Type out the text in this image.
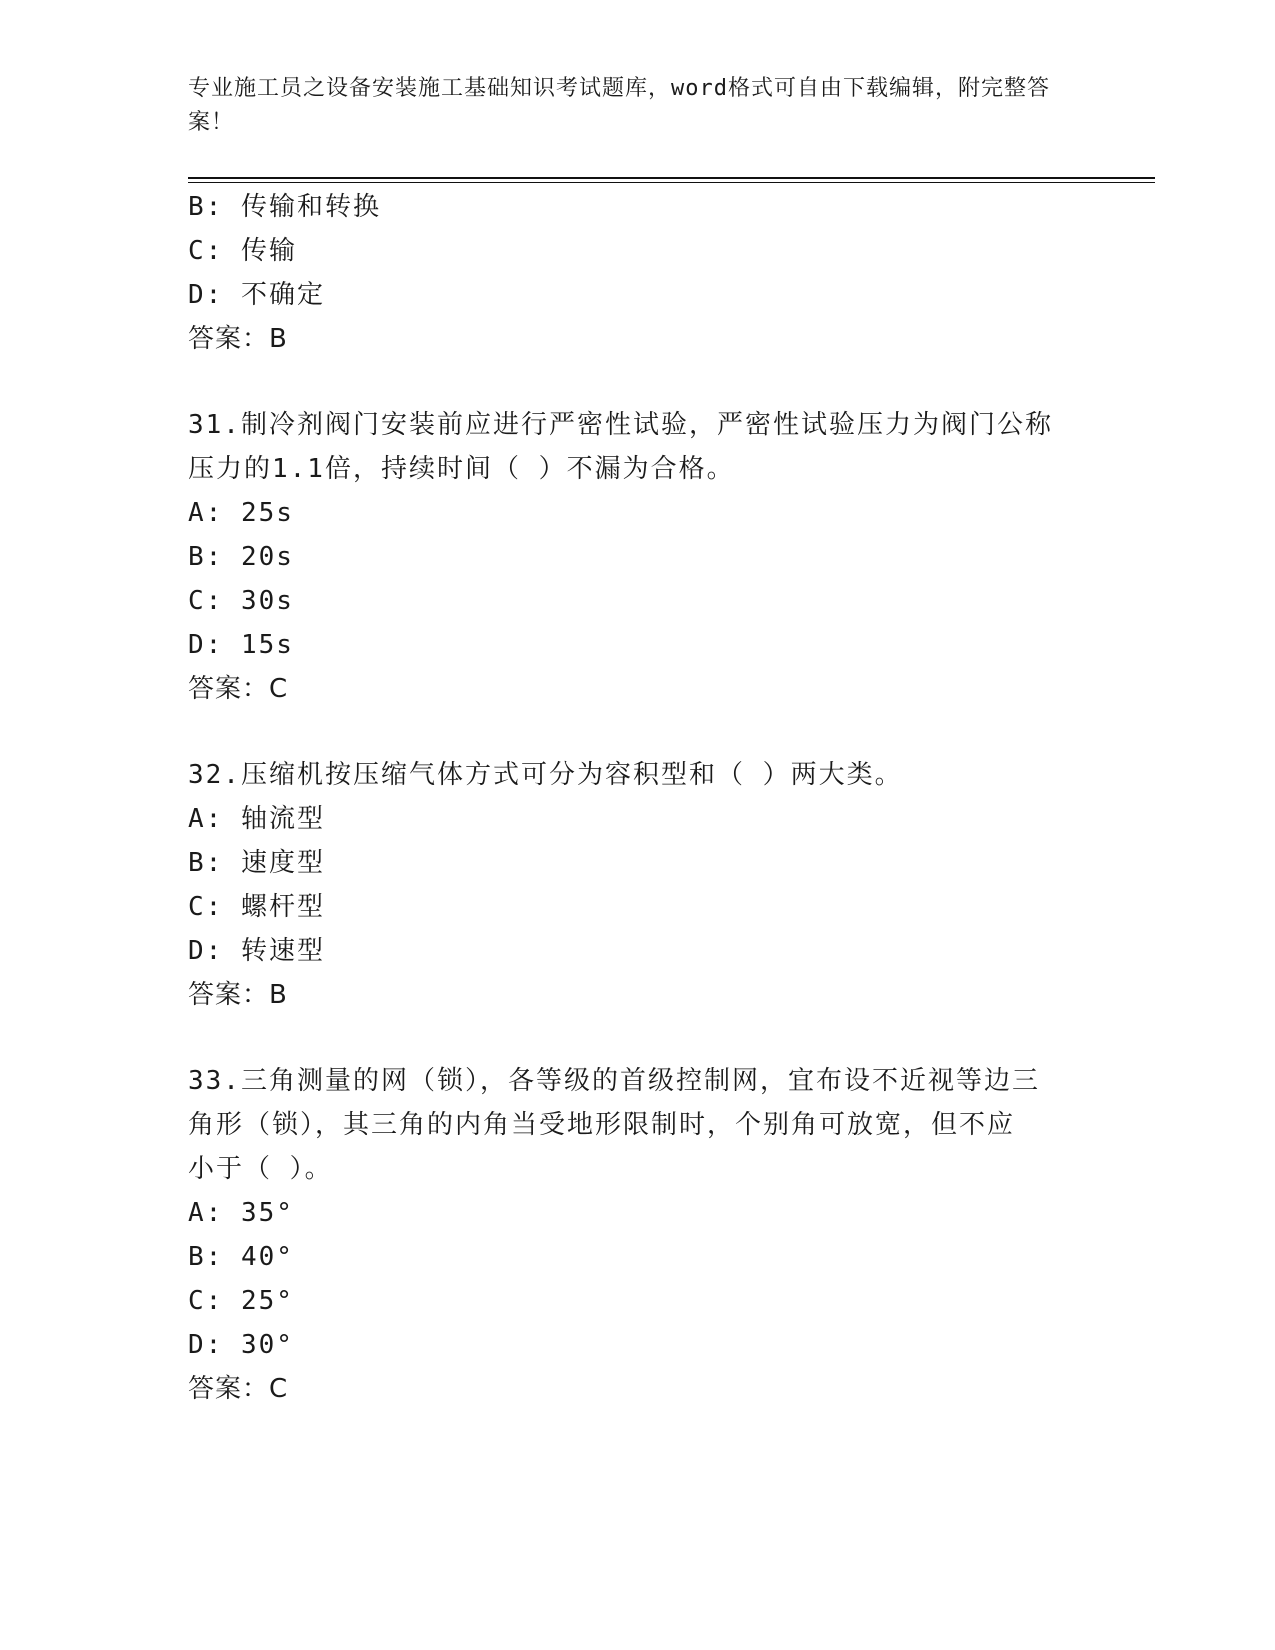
专业施工员之设备安装施工基础知识考试题库，word格式可自由下载编辑，附完整答案！
B: 传输和转换
C: 传输
D: 不确定
答案：B
31.制冷剂阀门安装前应进行严密性试验，严密性试验压力为阀门公称
压力的1.1倍，持续时间（ ）不漏为合格。
A: 25s
B: 20s
C: 30s
D: 15s
答案：C
32.压缩机按压缩气体方式可分为容积型和（ ）两大类。
A: 轴流型
B: 速度型
C: 螺杆型
D: 转速型
答案：B
33.三角测量的网（锁），各等级的首级控制网，宜布设不近视等边三
角形（锁），其三角的内角当受地形限制时，个别角可放宽，但不应
小于（ ）。
A: 35°
B: 40°
C: 25°
D: 30°
答案：C
